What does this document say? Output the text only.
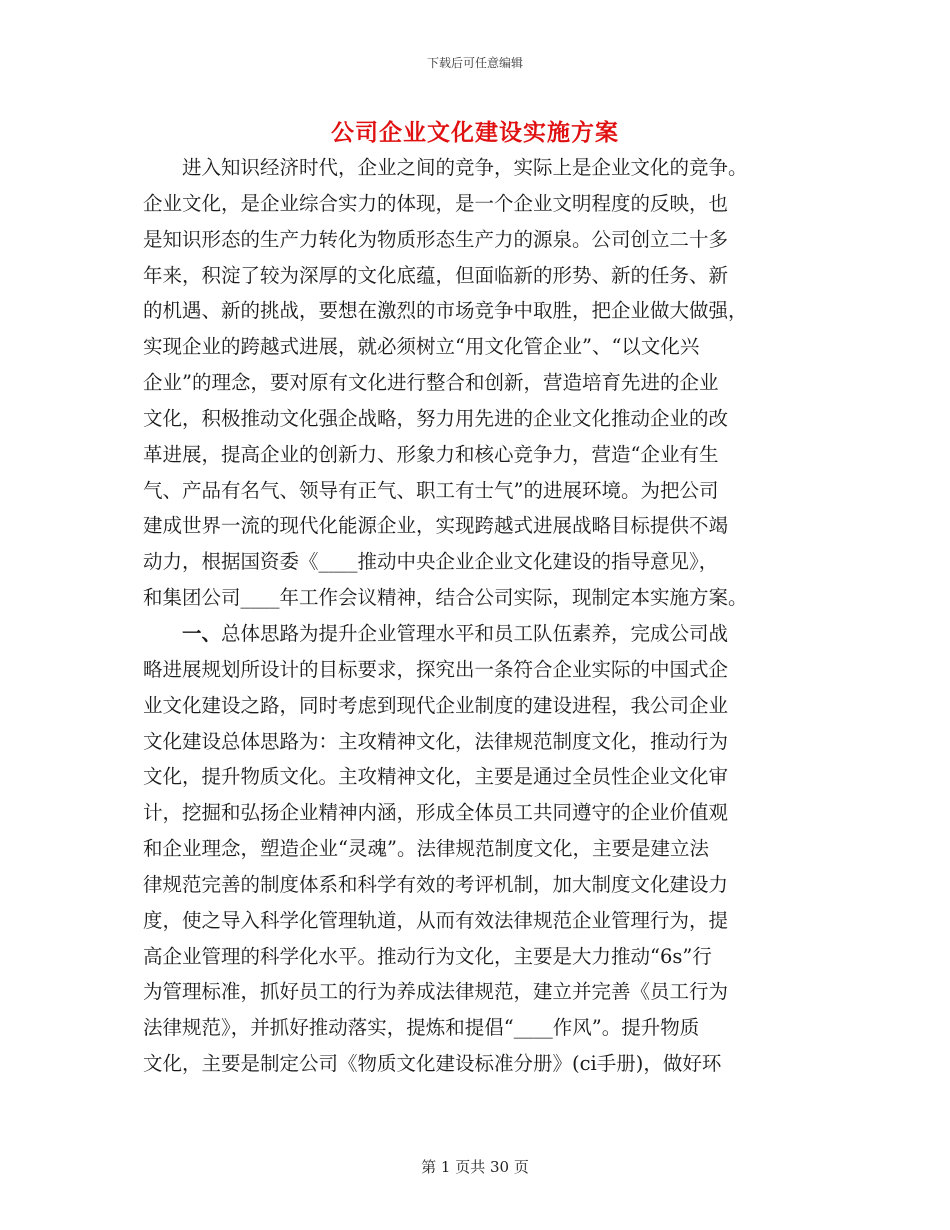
下载后可任意编辑
公司企业文化建设实施方案
进入知识经济时代，企业之间的竞争，实际上是企业文化的竞争。
企业文化，是企业综合实力的体现，是一个企业文明程度的反映，也
是知识形态的生产力转化为物质形态生产力的源泉。公司创立二十多
年来，积淀了较为深厚的文化底蕴，但面临新的形势、新的任务、新
的机遇、新的挑战，要想在激烈的市场竞争中取胜，把企业做大做强，
实现企业的跨越式进展，就必须树立“用文化管企业”、“以文化兴
企业”的理念，要对原有文化进行整合和创新，营造培育先进的企业
文化，积极推动文化强企战略，努力用先进的企业文化推动企业的改
革进展，提高企业的创新力、形象力和核心竞争力，营造“企业有生
气、产品有名气、领导有正气、职工有士气”的进展环境。为把公司
建成世界一流的现代化能源企业，实现跨越式进展战略目标提供不竭
动力，根据国资委《____推动中央企业企业文化建设的指导意见》，
和集团公司____年工作会议精神，结合公司实际，现制定本实施方案。
一、总体思路为提升企业管理水平和员工队伍素养，完成公司战
略进展规划所设计的目标要求，探究出一条符合企业实际的中国式企
业文化建设之路，同时考虑到现代企业制度的建设进程，我公司企业
文化建设总体思路为：主攻精神文化，法律规范制度文化，推动行为
文化，提升物质文化。主攻精神文化，主要是通过全员性企业文化审
计，挖掘和弘扬企业精神内涵，形成全体员工共同遵守的企业价值观
和企业理念，塑造企业“灵魂”。法律规范制度文化，主要是建立法
律规范完善的制度体系和科学有效的考评机制，加大制度文化建设力
度，使之导入科学化管理轨道，从而有效法律规范企业管理行为，提
高企业管理的科学化水平。推动行为文化，主要是大力推动“6s”行
为管理标准，抓好员工的行为养成法律规范，建立并完善《员工行为
法律规范》，并抓好推动落实，提炼和提倡“____作风”。提升物质
文化，主要是制定公司《物质文化建设标准分册》(ci手册)，做好环
第 1 页共 30 页
